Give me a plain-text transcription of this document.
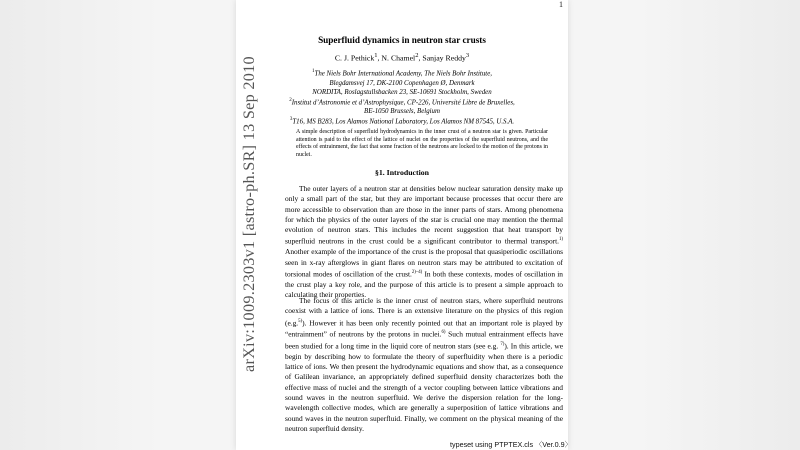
1
arXiv:1009.2303v1 [astro-ph.SR] 13 Sep 2010
Superfluid dynamics in neutron star crusts
C. J. Pethick$^1$, N. Chamel$^2$, Sanjay Reddy$^3$
$^1$The Niels Bohr International Academy, The Niels Bohr Institute,
Blegdamsvej 17, DK-2100 Copenhagen Ø, Denmark
NORDITA, Roslagstullsbacken 23, SE-10691 Stockholm, Sweden
$^2$Institut d’Astronomie et d’Astrophysique, CP-226, Université Libre de Bruxelles,
BE-1050 Brussels, Belgium
$^3$T16, MS B283, Los Alamos National Laboratory, Los Alamos NM 87545, U.S.A.
A simple description of superfluid hydrodynamics in the inner crust of a neutron star is given. Particular attention is paid to the effect of the lattice of nuclei on the properties of the superfluid neutrons, and the effects of entrainment, the fact that some fraction of the neutrons are locked to the motion of the protons in nuclei.
§1. Introduction
The outer layers of a neutron star at densities below nuclear saturation density make up only a small part of the star, but they are important because processes that occur there are more accessible to observation than are those in the inner parts of stars. Among phenomena for which the physics of the outer layers of the star is crucial one may mention the thermal evolution of neutron stars. This includes the recent suggestion that heat transport by superfluid neutrons in the crust could be a significant contributor to thermal transport.$^{1)}$ Another example of the importance of the crust is the proposal that quasiperiodic oscillations seen in x-ray afterglows in giant flares on neutron stars may be attributed to excitation of torsional modes of oscillation of the crust.$^{2)-4)}$ In both these contexts, modes of oscillation in the crust play a key role, and the purpose of this article is to present a simple approach to calculating their properties.
The focus of this article is the inner crust of neutron stars, where superfluid neutrons coexist with a lattice of ions. There is an extensive literature on the physics of this region (e.g.$^{5)}$). However it has been only recently pointed out that an important role is played by “entrainment” of neutrons by the protons in nuclei.$^{6)}$ Such mutual entrainment effects have been studied for a long time in the liquid core of neutron stars (see e.g. $^{7)}$). In this article, we begin by describing how to formulate the theory of superfluidity when there is a periodic lattice of ions. We then present the hydrodynamic equations and show that, as a consequence of Galilean invariance, an appropriately defined superfluid density characterizes both the effective mass of nuclei and the strength of a vector coupling between lattice vibrations and sound waves in the neutron superfluid. We derive the dispersion relation for the long-wavelength collective modes, which are generally a superposition of lattice vibrations and sound waves in the neutron superfluid. Finally, we comment on the physical meaning of the neutron superfluid density.
typeset using PTPTEX.cls 〈Ver.0.9〉
